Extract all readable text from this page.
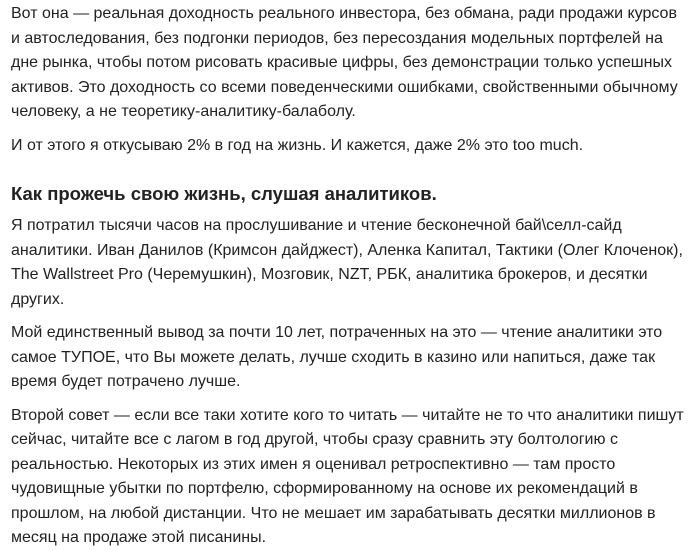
Вот она — реальная доходность реального инвестора, без обмана, ради продажи курсов и автоследования, без подгонки периодов, без пересоздания модельных портфелей на дне рынка, чтобы потом рисовать красивые цифры, без демонстрации только успешных активов. Это доходность со всеми поведенческими ошибками, свойственными обычному человеку, а не теоретику-аналитику-балаболу.

И от этого я откусываю 2% в год на жизнь. И кажется, даже 2% это too much.

Как прожечь свою жизнь, слушая аналитиков.

Я потратил тысячи часов на прослушивание и чтение бесконечной бай\селл-сайд аналитики. Иван Данилов (Кримсон дайджест), Аленка Капитал, Тактики (Олег Клоченок), The Wallstreet Pro (Черемушкин), Мозговик, NZT, РБК, аналитика брокеров, и десятки других.

Мой единственный вывод за почти 10 лет, потраченных на это — чтение аналитики это самое ТУПОЕ, что Вы можете делать, лучше сходить в казино или напиться, даже так время будет потрачено лучше.

Второй совет — если все таки хотите кого то читать — читайте не то что аналитики пишут сейчас, читайте все с лагом в год другой, чтобы сразу сравнить эту болтологию с реальностью. Некоторых из этих имен я оценивал ретроспективно — там просто чудовищные убытки по портфелю, сформированному на основе их рекомендаций в прошлом, на любой дистанции. Что не мешает им зарабатывать десятки миллионов в месяц на продаже этой писанины.
